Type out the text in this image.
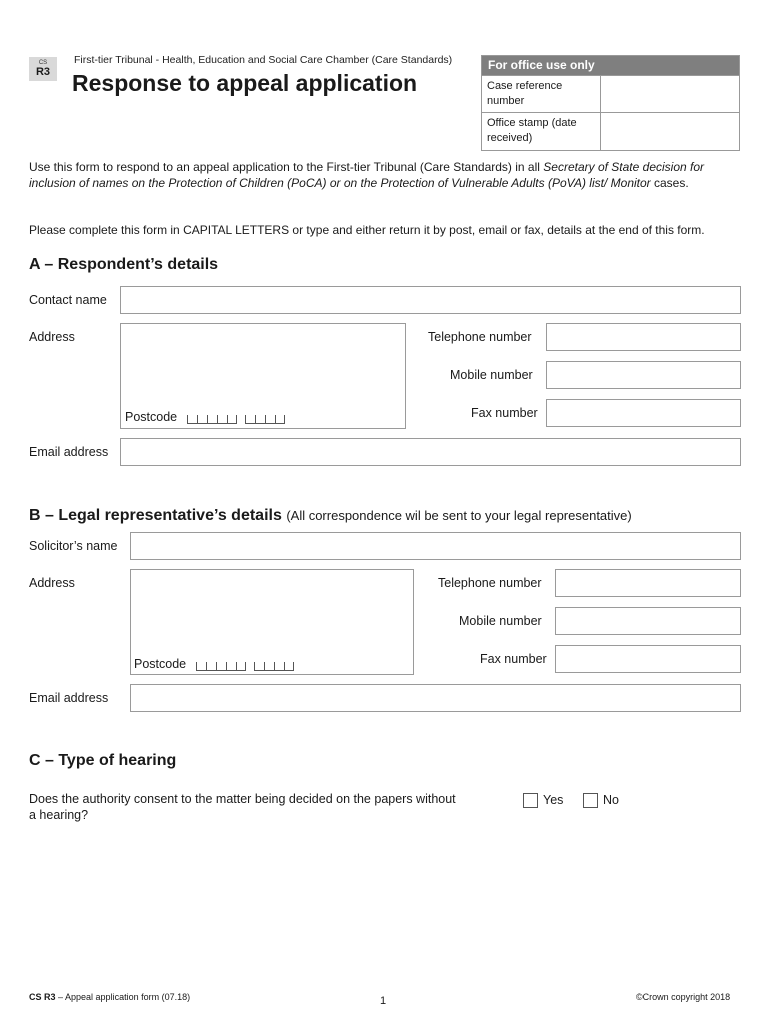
CS
R3
First-tier Tribunal - Health, Education and Social Care Chamber (Care Standards)
Response to appeal application
For office use only
Case reference number
Office stamp (date received)
Use this form to respond to an appeal application to the First-tier Tribunal (Care Standards) in all Secretary of State decision for inclusion of names on the Protection of Children (PoCA) or on the Protection of Vulnerable Adults (PoVA) list/ Monitor cases.
Please complete this form in CAPITAL LETTERS or type and either return it by post, email or fax, details at the end of this form.
A – Respondent’s details
Contact name
Address
Postcode
Telephone number
Mobile number
Fax number
Email address
B – Legal representative’s details (All correspondence wil be sent to your legal representative)
Solicitor’s name
Address
Postcode
Telephone number
Mobile number
Fax number
Email address
C – Type of hearing
Does the authority consent to the matter being decided on the papers without a hearing?
Yes	No
CS R3 – Appeal application form (07.18)	1	©Crown copyright 2018
